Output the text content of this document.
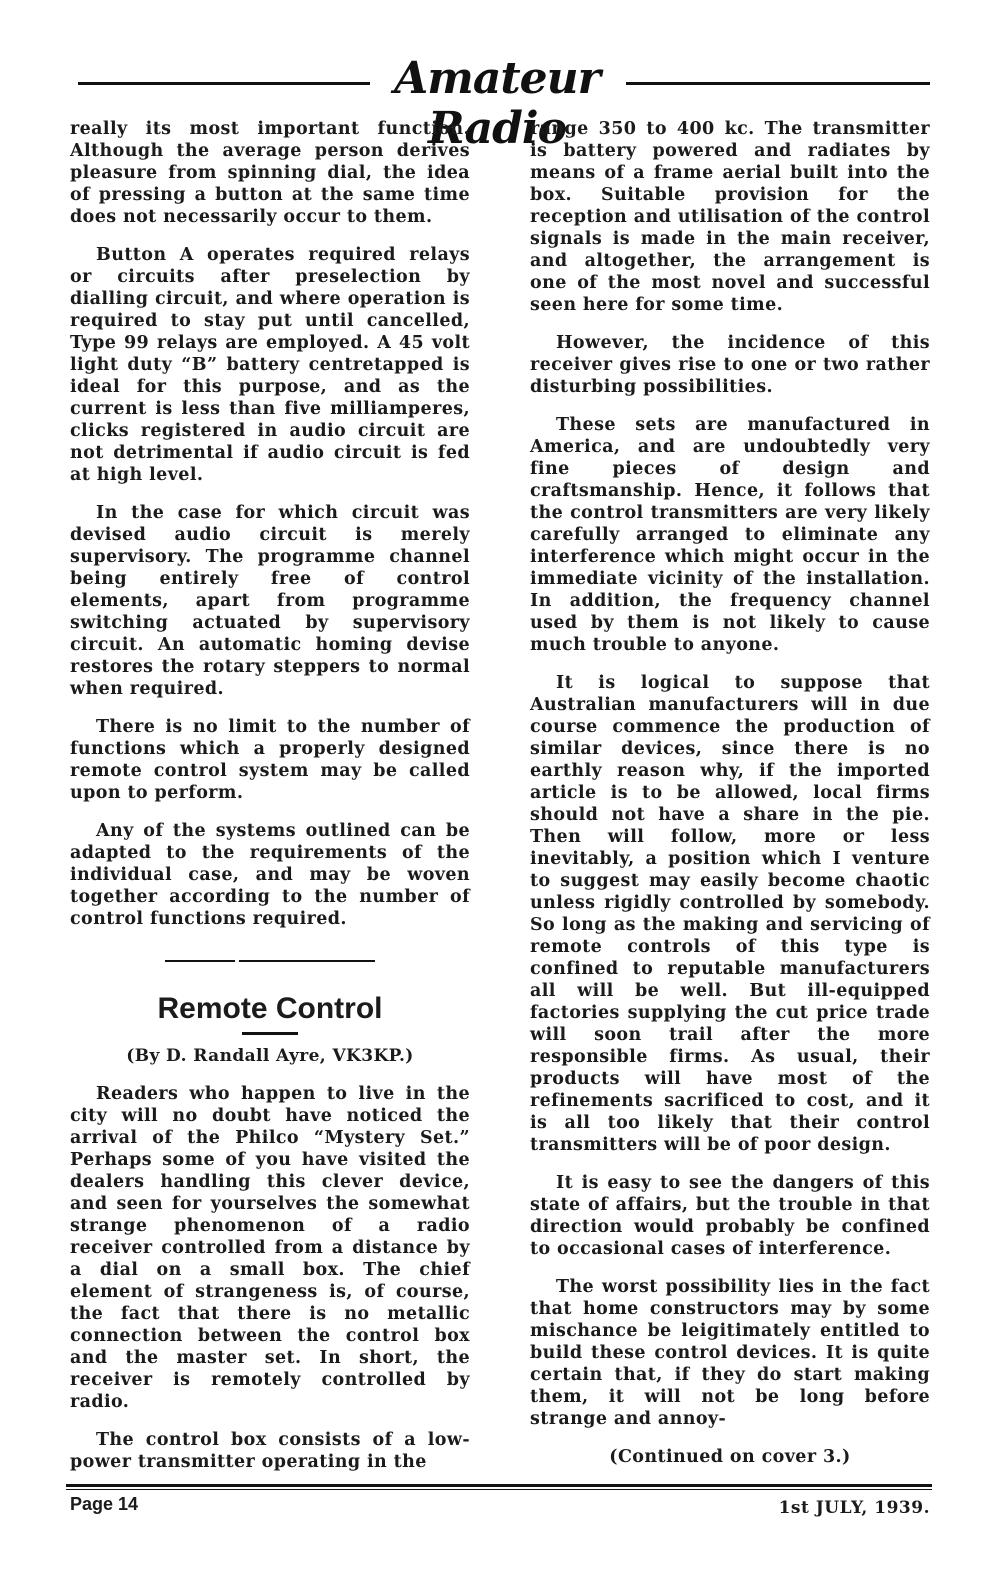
Amateur Radio

really its most important function. Although the average person derives pleasure from spinning dial, the idea of pressing a button at the same time does not necessarily occur to them.

Button A operates required relays or circuits after preselection by dialling circuit, and where operation is required to stay put until cancelled, Type 99 relays are employed. A 45 volt light duty “B” battery centretapped is ideal for this purpose, and as the current is less than five milliamperes, clicks registered in audio circuit are not detrimental if audio circuit is fed at high level.

In the case for which circuit was devised audio circuit is merely supervisory. The programme channel being entirely free of control elements, apart from programme switching actuated by supervisory circuit. An automatic homing devise restores the rotary steppers to normal when required.

There is no limit to the number of functions which a properly designed remote control system may be called upon to perform.

Any of the systems outlined can be adapted to the requirements of the individual case, and may be woven together according to the number of control functions required.

Remote Control
(By D. Randall Ayre, VK3KP.)

Readers who happen to live in the city will no doubt have noticed the arrival of the Philco “Mystery Set.” Perhaps some of you have visited the dealers handling this clever device, and seen for yourselves the somewhat strange phenomenon of a radio receiver controlled from a distance by a dial on a small box. The chief element of strangeness is, of course, the fact that there is no metallic connection between the control box and the master set. In short, the receiver is remotely controlled by radio.

The control box consists of a low-power transmitter operating in the

range 350 to 400 kc. The transmitter is battery powered and radiates by means of a frame aerial built into the box. Suitable provision for the reception and utilisation of the control signals is made in the main receiver, and altogether, the arrangement is one of the most novel and successful seen here for some time.

However, the incidence of this receiver gives rise to one or two rather disturbing possibilities.

These sets are manufactured in America, and are undoubtedly very fine pieces of design and craftsmanship. Hence, it follows that the control transmitters are very likely carefully arranged to eliminate any interference which might occur in the immediate vicinity of the installation. In addition, the frequency channel used by them is not likely to cause much trouble to anyone.

It is logical to suppose that Australian manufacturers will in due course commence the production of similar devices, since there is no earthly reason why, if the imported article is to be allowed, local firms should not have a share in the pie. Then will follow, more or less inevitably, a position which I venture to suggest may easily become chaotic unless rigidly controlled by somebody. So long as the making and servicing of remote controls of this type is confined to reputable manufacturers all will be well. But ill-equipped factories supplying the cut price trade will soon trail after the more responsible firms. As usual, their products will have most of the refinements sacrificed to cost, and it is all too likely that their control transmitters will be of poor design.

It is easy to see the dangers of this state of affairs, but the trouble in that direction would probably be confined to occasional cases of interference.

The worst possibility lies in the fact that home constructors may by some mischance be leigitimately entitled to build these control devices. It is quite certain that, if they do start making them, it will not be long before strange and annoy-

(Continued on cover 3.)

Page 14	1st JULY, 1939.
